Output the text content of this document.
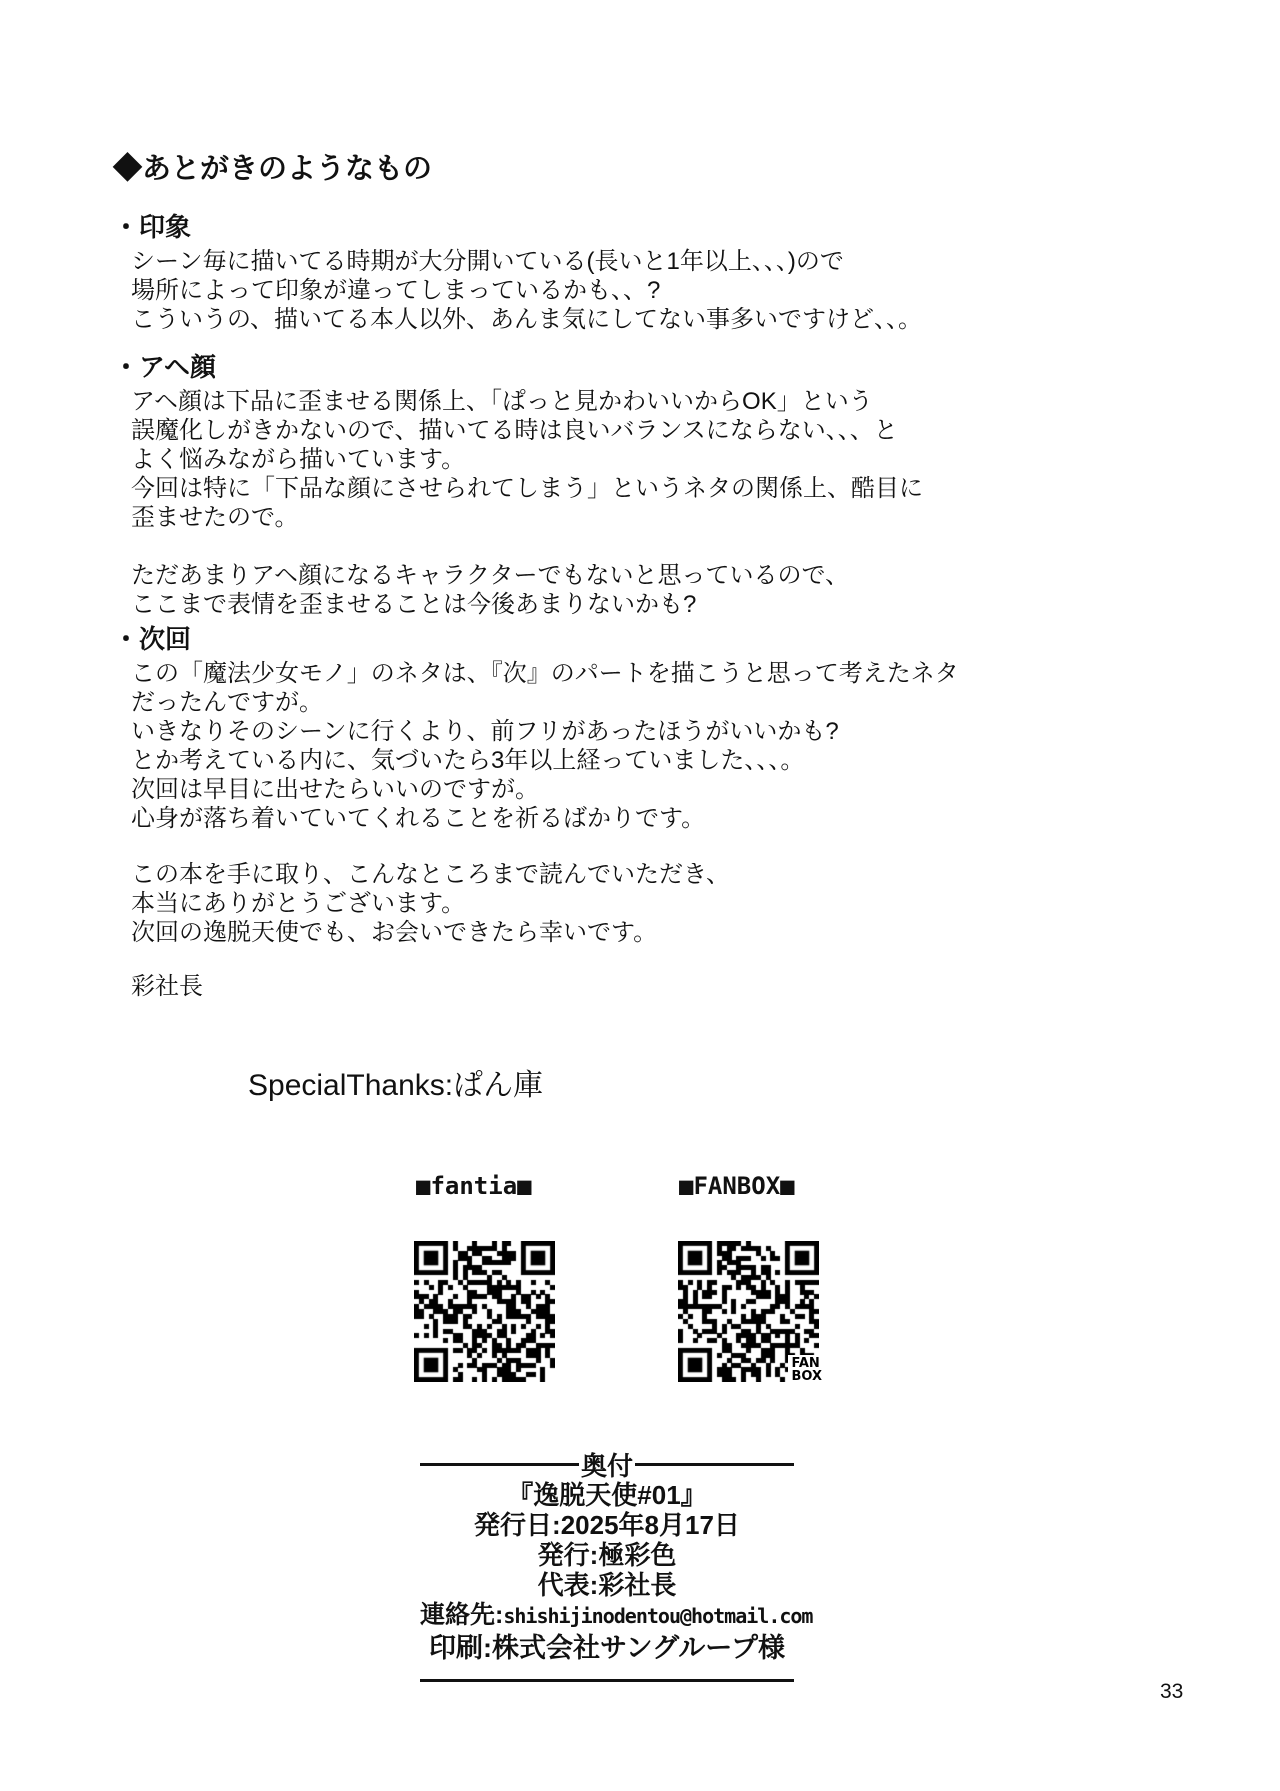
◆あとがきのようなもの
・印象
シーン毎に描いてる時期が大分開いている(長いと1年以上、、、)ので
場所によって印象が違ってしまっているかも、、?
こういうの、描いてる本人以外、あんま気にしてない事多いですけど、、。
・アヘ顔
アヘ顔は下品に歪ませる関係上、「ぱっと見かわいいからOK」という
誤魔化しがきかないので、描いてる時は良いバランスにならない、、、と
よく悩みながら描いています。
今回は特に「下品な顔にさせられてしまう」というネタの関係上、酷目に
歪ませたので。
ただあまりアヘ顔になるキャラクターでもないと思っているので、
ここまで表情を歪ませることは今後あまりないかも?
・次回
この「魔法少女モノ」のネタは、『次』のパートを描こうと思って考えたネタ
だったんですが。
いきなりそのシーンに行くより、前フリがあったほうがいいかも?
とか考えている内に、気づいたら3年以上経っていました、、、。
次回は早目に出せたらいいのですが。
心身が落ち着いていてくれることを祈るばかりです。
この本を手に取り、こんなところまで読んでいただき、
本当にありがとうございます。
次回の逸脱天使でも、お会いできたら幸いです。
彩社長
SpecialThanks:ぱん庫
■fantia■	■FANBOX■
FAN
BOX
奥付
『逸脱天使#01』
発行日:2025年8月17日
発行:極彩色
代表:彩社長
連絡先:shishijinodentou@hotmail.com
印刷:株式会社サングループ様
33
